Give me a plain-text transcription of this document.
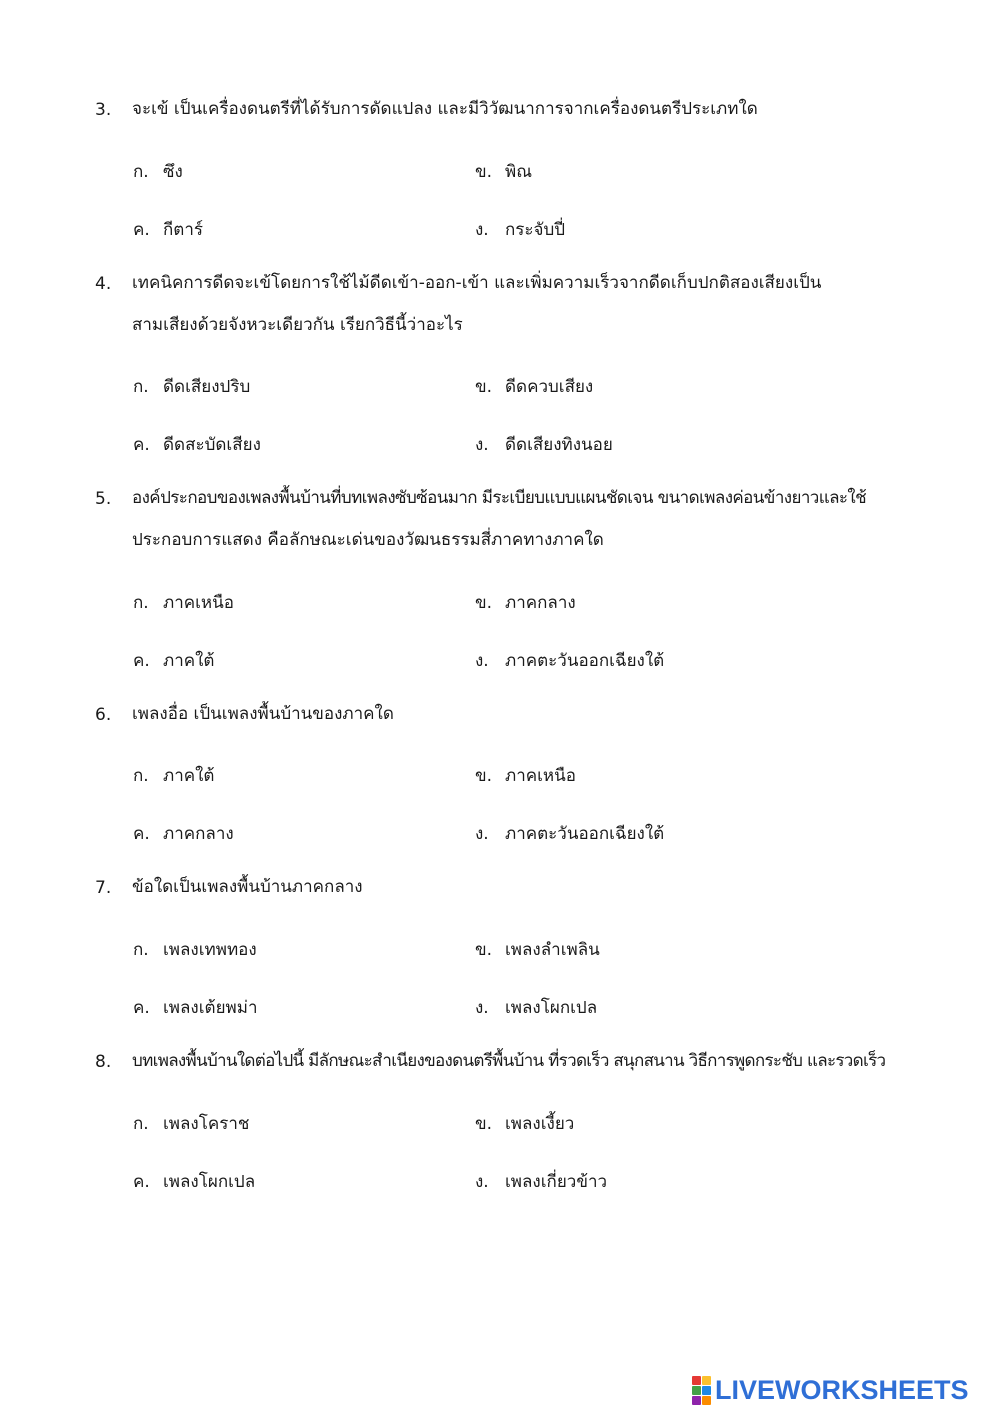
3.	จะเข้ เป็นเครื่องดนตรีที่ได้รับการดัดแปลง และมีวิวัฒนาการจากเครื่องดนตรีประเภทใด
ก. ซึง	ข. พิณ
ค. กีตาร์	ง. กระจับปี่
4.	เทคนิคการดีดจะเข้โดยการใช้ไม้ดีดเข้า-ออก-เข้า และเพิ่มความเร็วจากดีดเก็บปกติสองเสียงเป็น
สามเสียงด้วยจังหวะเดียวกัน เรียกวิธีนี้ว่าอะไร
ก. ดีดเสียงปริบ	ข. ดีดควบเสียง
ค. ดีดสะบัดเสียง	ง. ดีดเสียงทิงนอย
5.	องค์ประกอบของเพลงพื้นบ้านที่บทเพลงซับซ้อนมาก มีระเบียบแบบแผนชัดเจน ขนาดเพลงค่อนข้างยาวและใช้
ประกอบการแสดง คือลักษณะเด่นของวัฒนธรรมสี่ภาคทางภาคใด
ก. ภาคเหนือ	ข. ภาคกลาง
ค. ภาคใต้	ง. ภาคตะวันออกเฉียงใต้
6.	เพลงอื่อ เป็นเพลงพื้นบ้านของภาคใด
ก. ภาคใต้	ข. ภาคเหนือ
ค. ภาคกลาง	ง. ภาคตะวันออกเฉียงใต้
7.	ข้อใดเป็นเพลงพื้นบ้านภาคกลาง
ก. เพลงเทพทอง	ข. เพลงลำเพลิน
ค. เพลงเต้ยพม่า	ง. เพลงโผกเปล
8.	บทเพลงพื้นบ้านใดต่อไปนี้ มีลักษณะสำเนียงของดนตรีพื้นบ้าน ที่รวดเร็ว สนุกสนาน วิธีการพูดกระชับ และรวดเร็ว
ก. เพลงโคราช	ข. เพลงเงี้ยว
ค. เพลงโผกเปล	ง. เพลงเกี่ยวข้าว
LIVEWORKSHEETS
